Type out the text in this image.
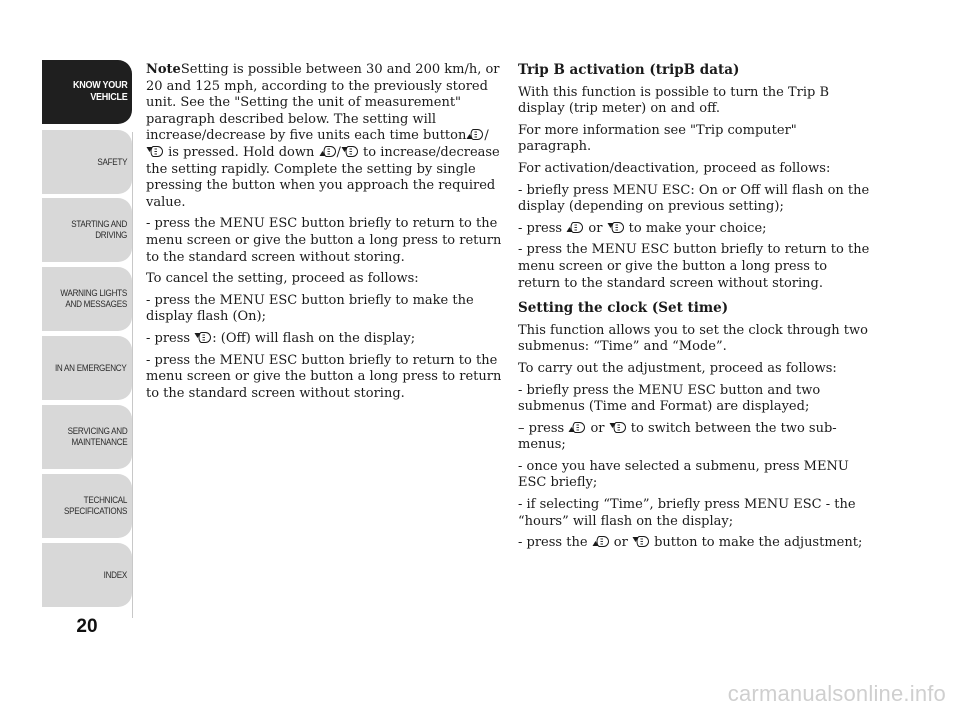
KNOW YOUR
VEHICLE
SAFETY
STARTING AND
DRIVING
WARNING LIGHTS
AND MESSAGES
IN AN EMERGENCY
SERVICING AND
MAINTENANCE
TECHNICAL
SPECIFICATIONS
INDEX
20

NoteSetting is possible between 30 and 200 km/h, or 20 and 125 mph, according to the previously stored unit. See the "Setting the unit of measurement" paragraph described below. The setting will increase/decrease by five units each time button /
is pressed. Hold down
/
to increase/decrease the setting rapidly. Complete the setting by single pressing the button when you approach the required value.

- press the MENU ESC button briefly to return to the menu screen or give the button a long press to return to the standard screen without storing.

To cancel the setting, proceed as follows:

- press the MENU ESC button briefly to make the display flash (On);

- press
: (Off) will flash on the display;

- press the MENU ESC button briefly to return to the menu screen or give the button a long press to return to the standard screen without storing.

Trip B activation (tripB data)

With this function is possible to turn the Trip B display (trip meter) on and off.

For more information see "Trip computer" paragraph.

For activation/deactivation, proceed as follows:

- briefly press MENU ESC: On or Off will flash on the display (depending on previous setting);

- press
or
to make your choice;

- press the MENU ESC button briefly to return to the menu screen or give the button a long press to return to the standard screen without storing.

Setting the clock (Set time)

This function allows you to set the clock through two submenus: “Time” and “Mode”.

To carry out the adjustment, proceed as follows:

- briefly press the MENU ESC button and two submenus (Time and Format) are displayed;

– press
or
to switch between the two sub-menus;

- once you have selected a submenu, press MENU ESC briefly;

- if selecting “Time”, briefly press MENU ESC - the “hours” will flash on the display;

- press the
or
button to make the adjustment;

carmanualsonline.info
